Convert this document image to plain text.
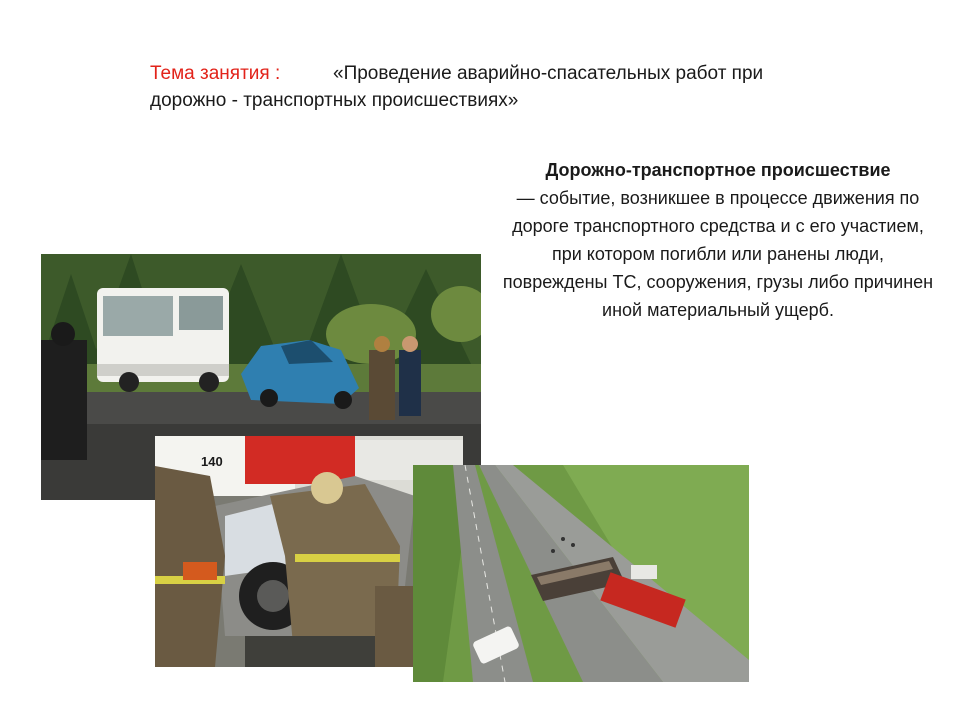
Тема занятия :	«Проведение аварийно-спасательных работ при
дорожно - транспортных происшествиях»
Дорожно-транспортное происшествие
— событие, возникшее в процессе движения по дороге транспортного средства и с его участием, при котором погибли или ранены люди, повреждены ТС, сооружения, грузы либо причинен иной материальный ущерб.
140
